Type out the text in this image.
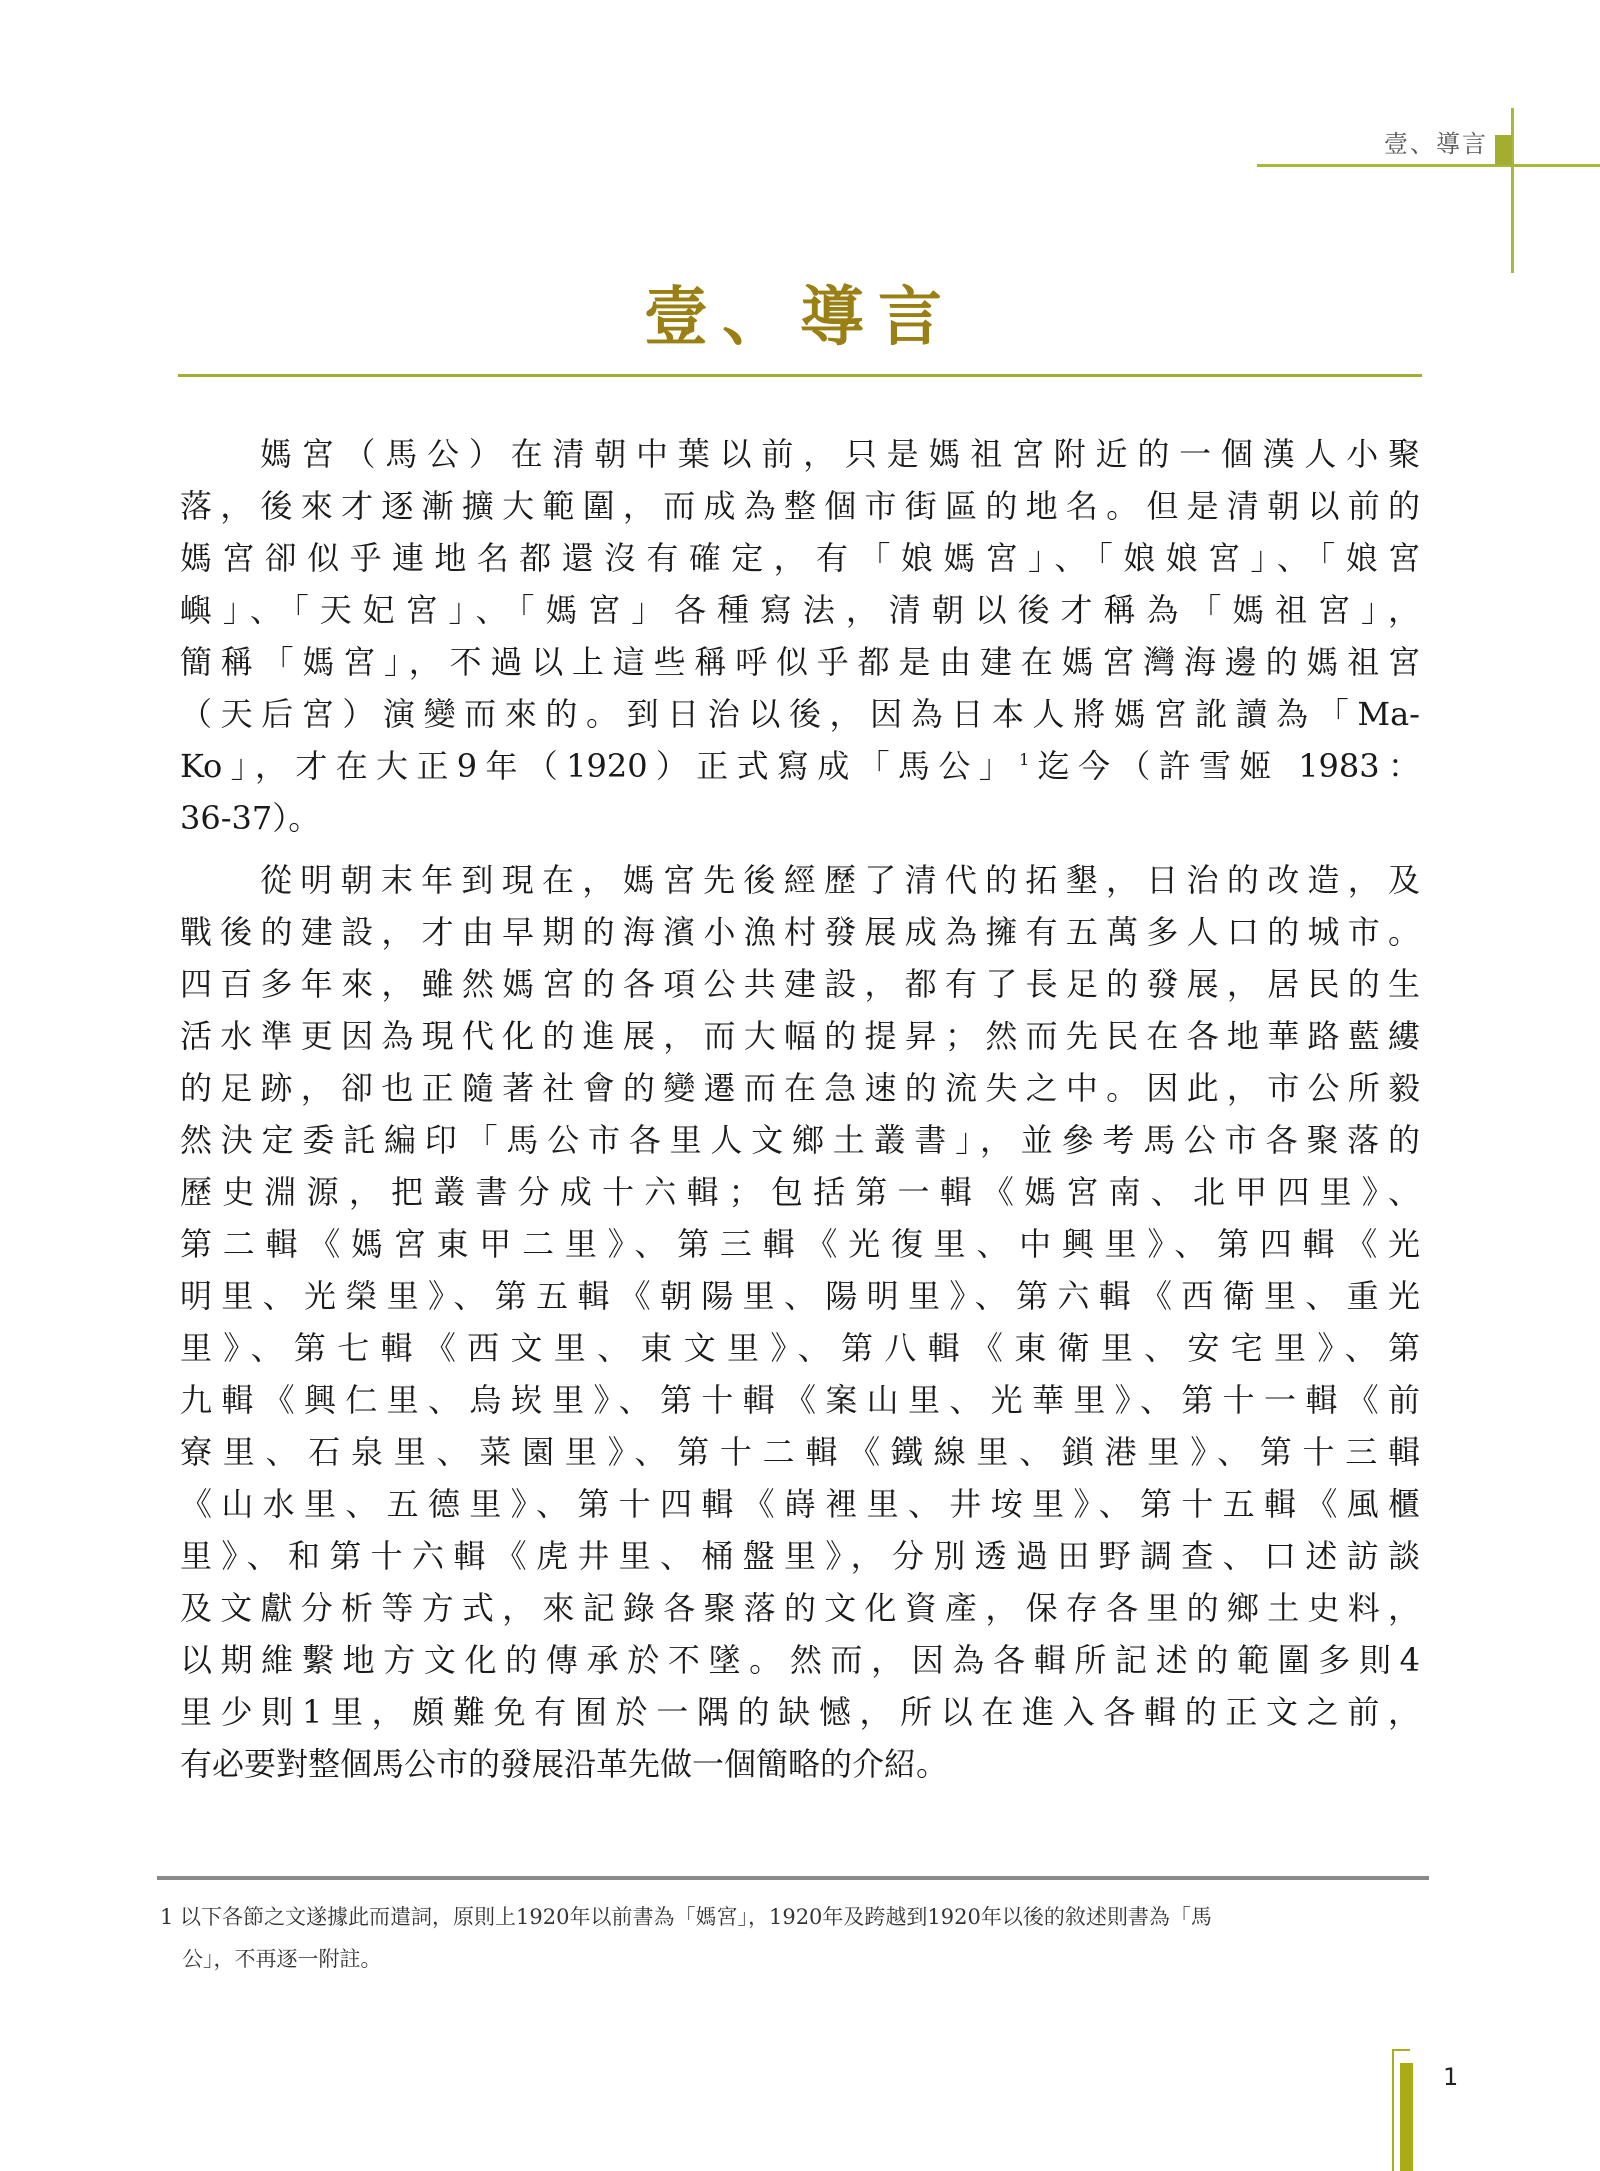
壹、導言
壹、導言

媽宮（馬公）在清朝中葉以前，只是媽祖宮附近的一個漢人小聚
落，後來才逐漸擴大範圍，而成為整個市街區的地名。但是清朝以前的
媽宮卻似乎連地名都還沒有確定，有「娘媽宮」、「娘娘宮」、「娘宮
嶼」、「天妃宮」、「媽宮」各種寫法，清朝以後才稱為「媽祖宮」，
簡稱「媽宮」，不過以上這些稱呼似乎都是由建在媽宮灣海邊的媽祖宮
（天后宮）演變而來的。到日治以後，因為日本人將媽宮訛讀為「Ma-
Ko」，才在大正9年（1920）正式寫成「馬公」$^1$迄今（許雪姬 1983：
36-37）。

從明朝末年到現在，媽宮先後經歷了清代的拓墾，日治的改造，及
戰後的建設，才由早期的海濱小漁村發展成為擁有五萬多人口的城市。
四百多年來，雖然媽宮的各項公共建設，都有了長足的發展，居民的生
活水準更因為現代化的進展，而大幅的提昇；然而先民在各地華路藍縷
的足跡，卻也正隨著社會的變遷而在急速的流失之中。因此，市公所毅
然決定委託編印「馬公市各里人文鄉土叢書」，並參考馬公市各聚落的
歷史淵源，把叢書分成十六輯；包括第一輯《媽宮南、北甲四里》、
第二輯《媽宮東甲二里》、第三輯《光復里、中興里》、第四輯《光
明里、光榮里》、第五輯《朝陽里、陽明里》、第六輯《西衛里、重光
里》、第七輯《西文里、東文里》、第八輯《東衛里、安宅里》、第
九輯《興仁里、烏崁里》、第十輯《案山里、光華里》、第十一輯《前
寮里、石泉里、菜園里》、第十二輯《鐵線里、鎖港里》、第十三輯
《山水里、五德里》、第十四輯《嵵裡里、井垵里》、第十五輯《風櫃
里》、和第十六輯《虎井里、桶盤里》，分別透過田野調查、口述訪談
及文獻分析等方式，來記錄各聚落的文化資產，保存各里的鄉土史料，
以期維繫地方文化的傳承於不墜。然而，因為各輯所記述的範圍多則4
里少則1里，頗難免有囿於一隅的缺憾，所以在進入各輯的正文之前，
有必要對整個馬公市的發展沿革先做一個簡略的介紹。

1 以下各節之文遂據此而遣詞，原則上1920年以前書為「媽宮」，1920年及跨越到1920年以後的敘述則書為「馬
公」，不再逐一附註。
1
